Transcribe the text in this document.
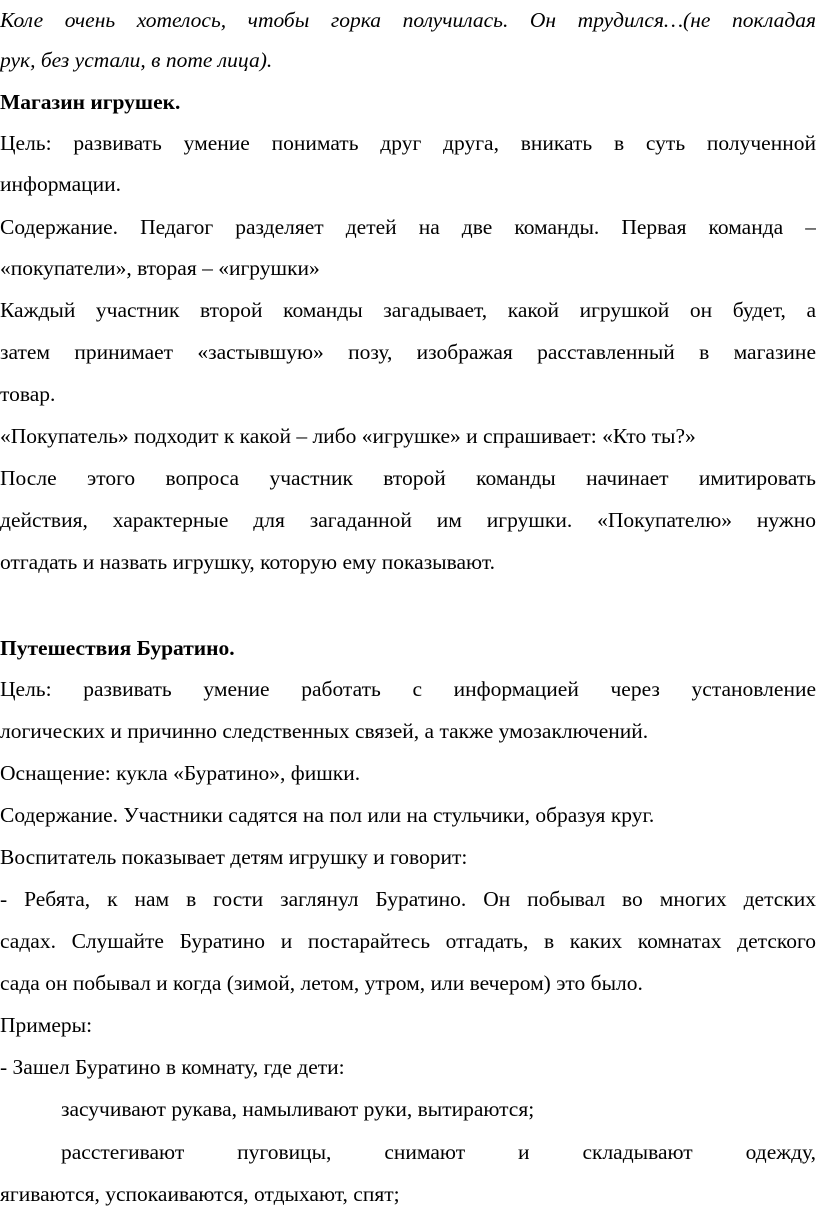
Коле очень хотелось, чтобы горка получилась. Он трудился…(не покладая
рук, без устали, в поте лица).
Магазин игрушек.
Цель: развивать умение понимать друг друга, вникать в суть полученной
информации.
Содержание. Педагог разделяет детей на две команды. Первая команда –
«покупатели», вторая – «игрушки»
Каждый участник второй команды загадывает, какой игрушкой он будет, а
затем принимает «застывшую» позу, изображая расставленный в магазине
товар.
«Покупатель» подходит к какой – либо «игрушке» и спрашивает: «Кто ты?»
После этого вопроса участник второй команды начинает имитировать
действия, характерные для загаданной им игрушки. «Покупателю» нужно
отгадать и назвать игрушку, которую ему показывают.
Путешествия Буратино.
Цель: развивать умение работать с информацией через установление
логических и причинно следственных связей, а также умозаключений.
Оснащение: кукла «Буратино», фишки.
Содержание. Участники садятся на пол или на стульчики, образуя круг.
Воспитатель показывает детям игрушку и говорит:
- Ребята, к нам в гости заглянул Буратино. Он побывал во многих детских
садах. Слушайте Буратино и постарайтесь отгадать, в каких комнатах детского
сада он побывал и когда (зимой, летом, утром, или вечером) это было.
Примеры:
- Зашел Буратино в комнату, где дети:
засучивают рукава, намыливают руки, вытираются;
расстегивают пуговицы, снимают и складывают одежду,
ягиваются, успокаиваются, отдыхают, спят;
